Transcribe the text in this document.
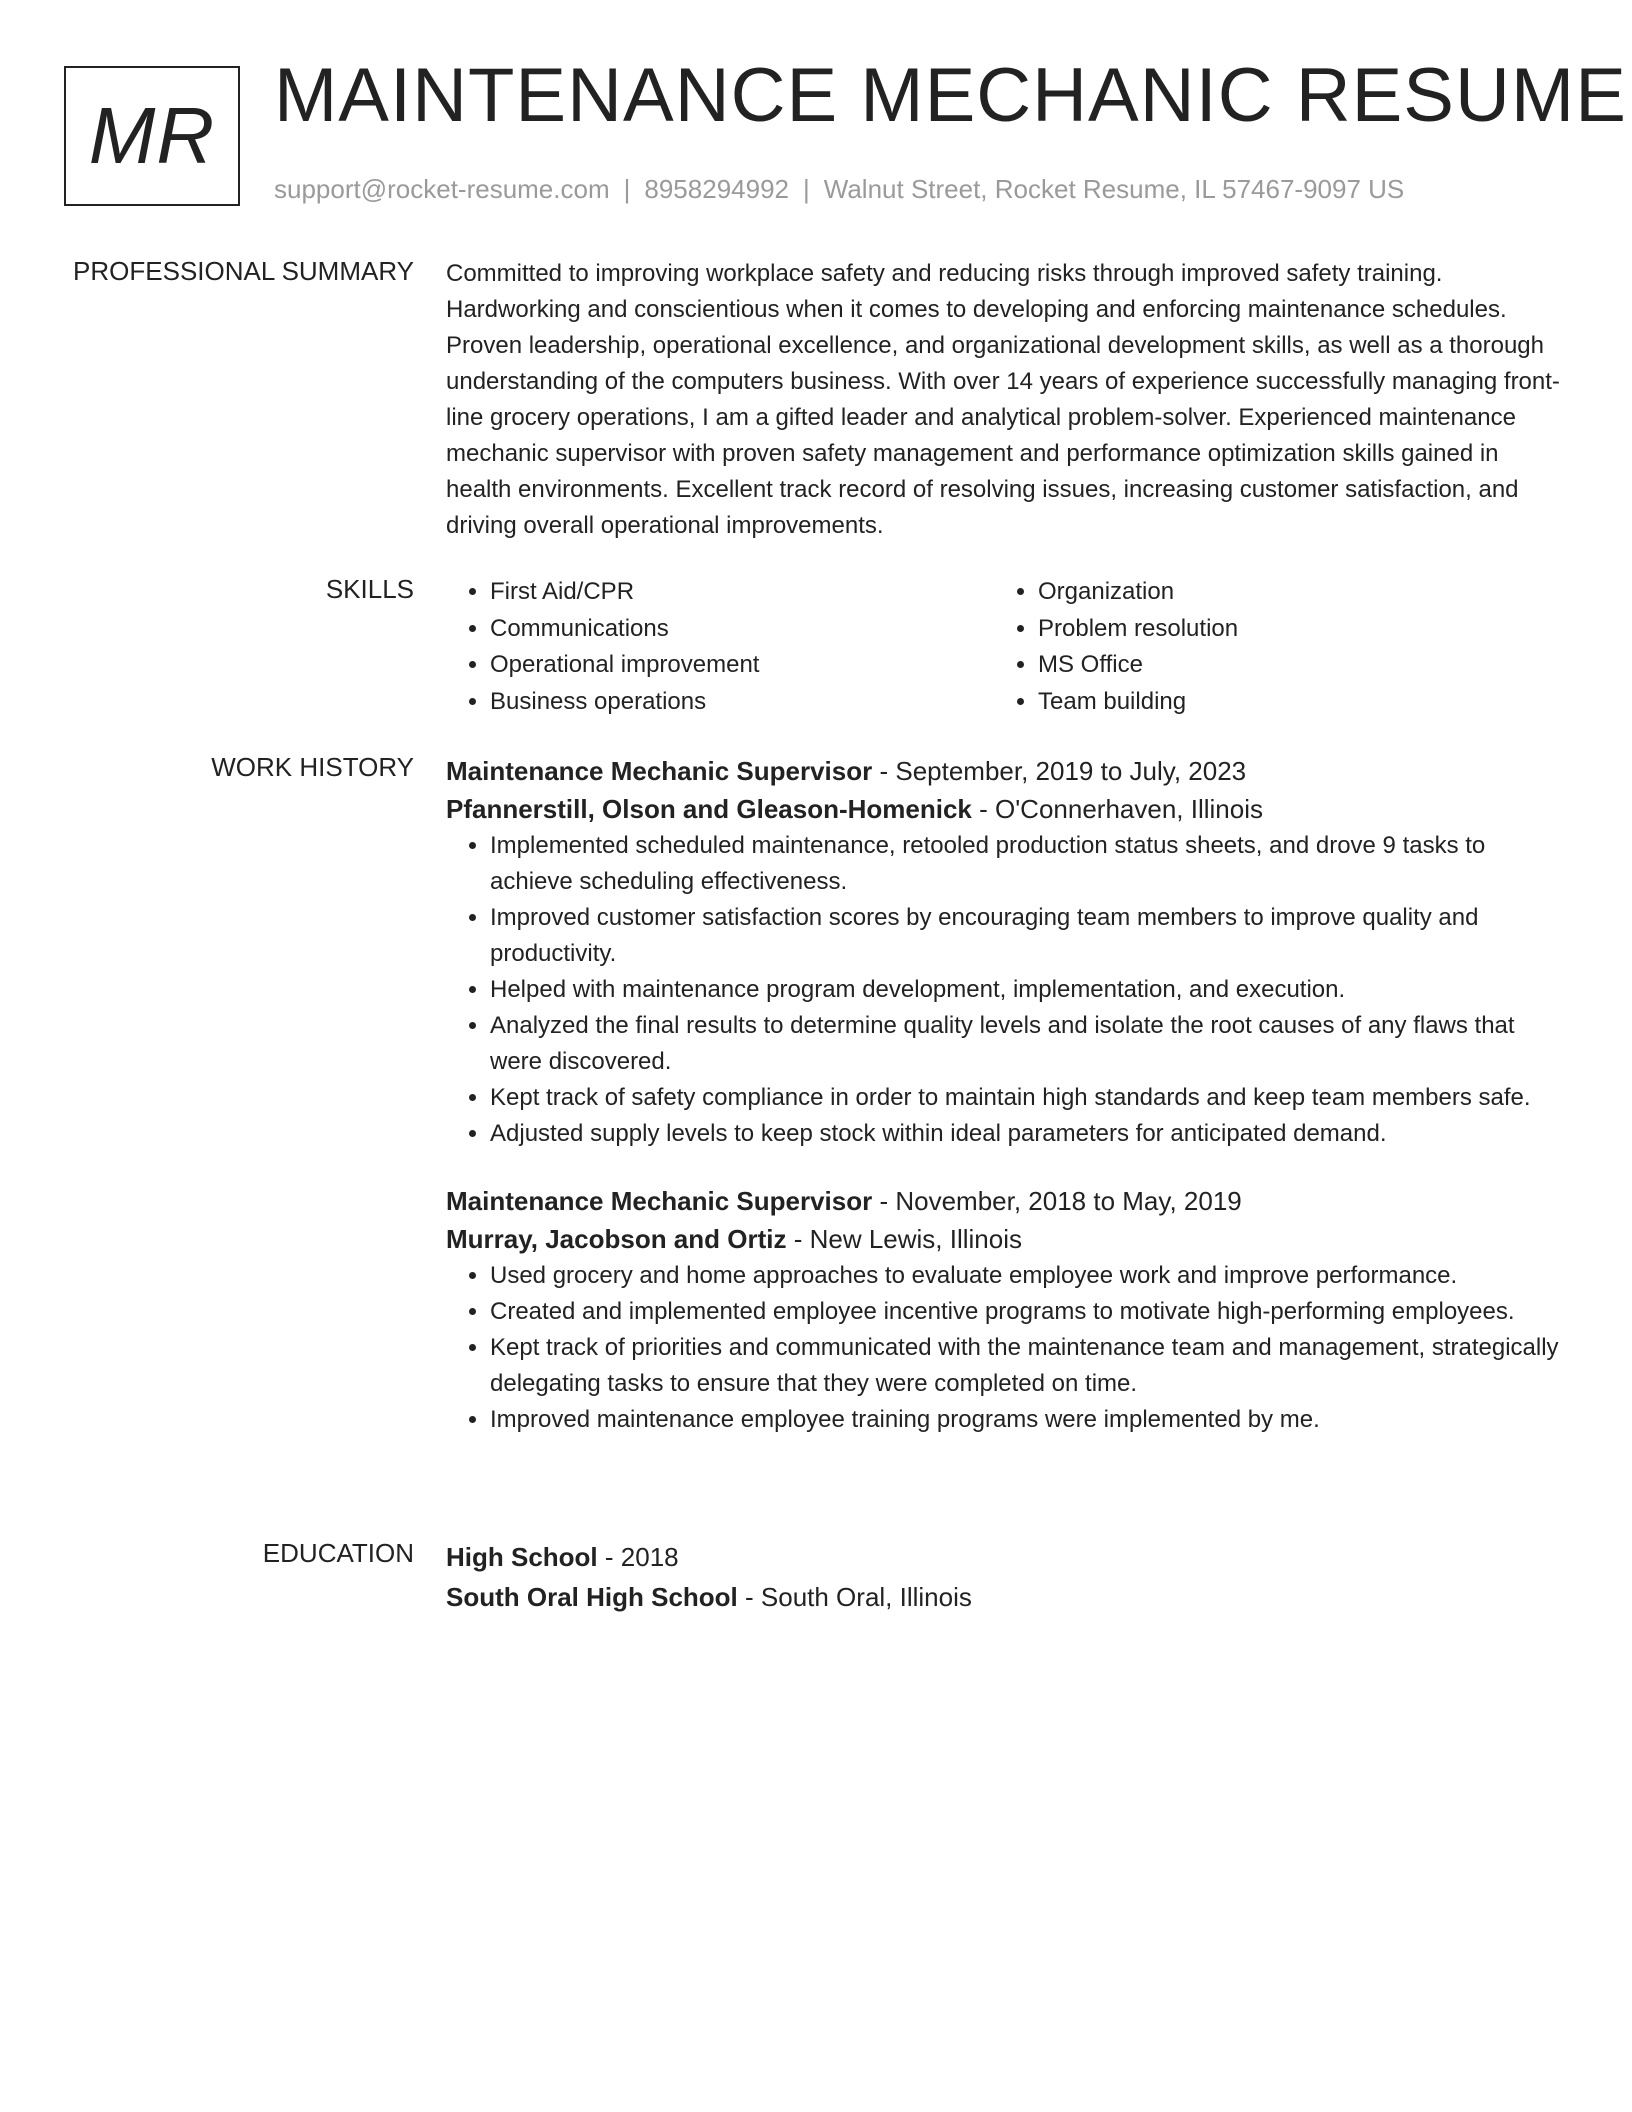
MR MAINTENANCE MECHANIC RESUME
support@rocket-resume.com | 8958294992 | Walnut Street, Rocket Resume, IL 57467-9097 US
PROFESSIONAL SUMMARY Committed to improving workplace safety and reducing risks through improved safety training. Hardworking and conscientious when it comes to developing and enforcing maintenance schedules. Proven leadership, operational excellence, and organizational development skills, as well as a thorough understanding of the computers business. With over 14 years of experience successfully managing front-line grocery operations, I am a gifted leader and analytical problem-solver. Experienced maintenance mechanic supervisor with proven safety management and performance optimization skills gained in health environments. Excellent track record of resolving issues, increasing customer satisfaction, and driving overall operational improvements.

SKILLS
•	First Aid/CPR
• Communications
• Operational improvement
• Business operations
• Organization
• Problem resolution
• MS Office
• Team building
WORK HISTORY Maintenance Mechanic Supervisor - September, 2019 to July, 2023
Pfannerstill, Olson and Gleason-Homenick - O'Connerhaven, Illinois
• Implemented scheduled maintenance, retooled production status sheets, and drove 9 tasks to achieve scheduling effectiveness.
• Improved customer satisfaction scores by encouraging team members to improve quality and productivity.
• Helped with maintenance program development, implementation, and execution.
• Analyzed the final results to determine quality levels and isolate the root causes of any flaws that were discovered.
• Kept track of safety compliance in order to maintain high standards and keep team members safe.
• Adjusted supply levels to keep stock within ideal parameters for anticipated demand.
Maintenance Mechanic Supervisor - November, 2018 to May, 2019
Murray, Jacobson and Ortiz - New Lewis, Illinois
• Used grocery and home approaches to evaluate employee work and improve performance.
• Created and implemented employee incentive programs to motivate high-performing employees.
• Kept track of priorities and communicated with the maintenance team and management, strategically delegating tasks to ensure that they were completed on time.
• Improved maintenance employee training programs were implemented by me.
EDUCATION High School - 2018
South Oral High School - South Oral, Illinois
